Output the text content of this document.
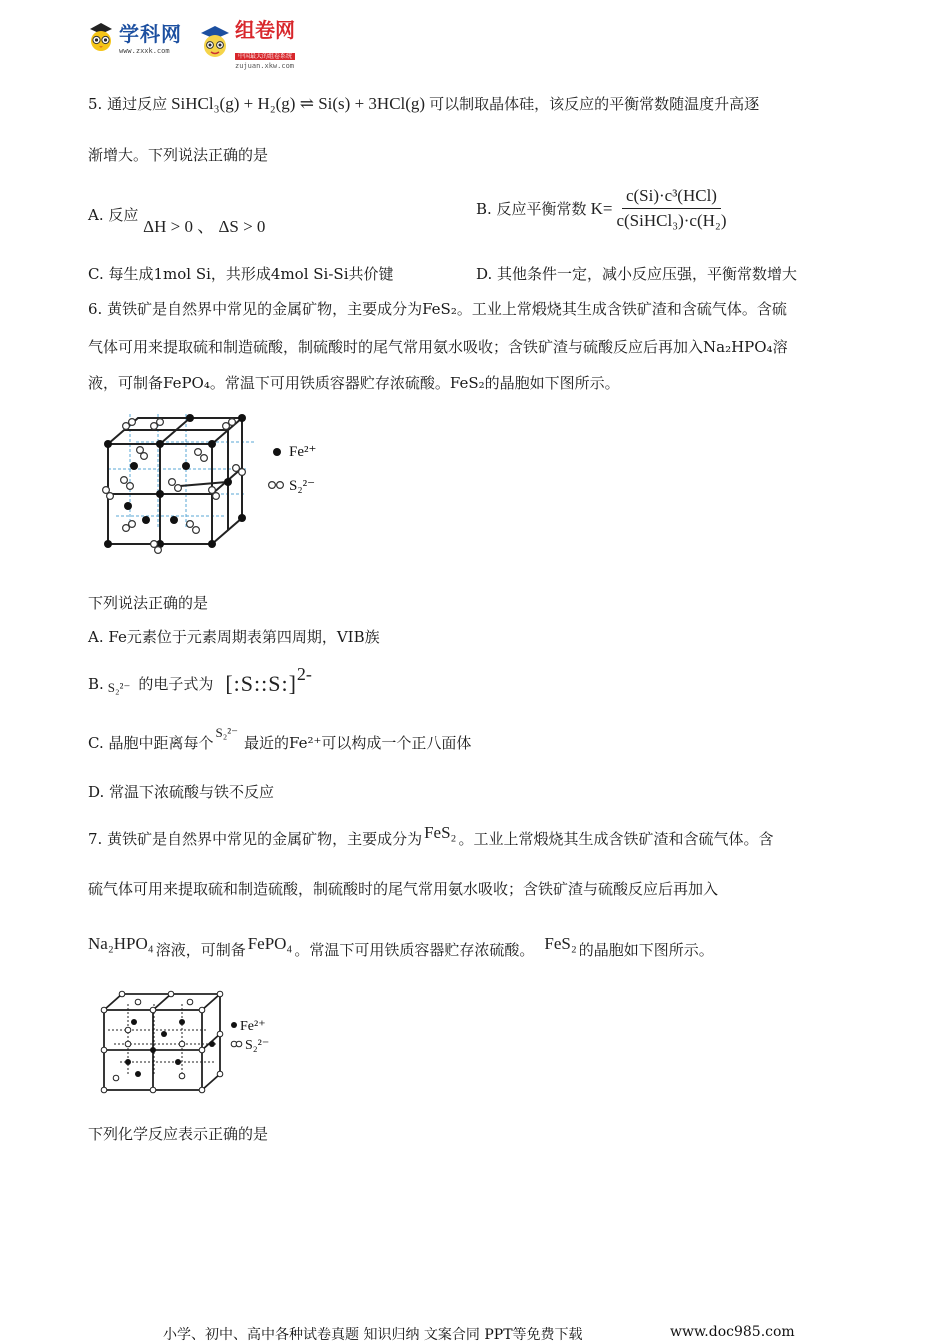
学科网
www.zxxk.com
组卷网
中国最大的组卷系统
zujuan.xkw.com
5. 通过反应 SiHCl₃(g) + H₂(g) ⇌ Si(s) + 3HCl(g) 可以制取晶体硅，该反应的平衡常数随温度升高逐
渐增大。下列说法正确的是
A. 反应 ΔH > 0 、 ΔS > 0
B. 反应平衡常数 $K= \frac{\text{c(Si)·c³(HCl)}}{\text{c(SiHCl₃)·c(H₂)}}$
C. 每生成1mol Si，共形成4mol Si-Si共价键	D. 其他条件一定，减小反应压强，平衡常数增大
6. 黄铁矿是自然界中常见的金属矿物，主要成分为FeS₂。工业上常煅烧其生成含铁矿渣和含硫气体。含硫
气体可用来提取硫和制造硫酸，制硫酸时的尾气常用氨水吸收；含铁矿渣与硫酸反应后再加入Na₂HPO₄溶
液，可制备FePO₄。常温下可用铁质容器贮存浓硫酸。FeS₂的晶胞如下图所示。
Fe²⁺
S₂²⁻
下列说法正确的是
A. Fe元素位于元素周期表第四周期，VIB族
B. S₂²⁻ 的电子式为 [:S::S:] 2-
C. 晶胞中距离每个
S₂²⁻
最近的Fe²⁺可以构成一个正八面体
D. 常温下浓硫酸与铁不反应
7. 黄铁矿是自然界中常见的金属矿物，主要成分为 FeS₂ 。工业上常煅烧其生成含铁矿渣和含硫气体。含
硫气体可用来提取硫和制造硫酸，制硫酸时的尾气常用氨水吸收；含铁矿渣与硫酸反应后再加入
Na₂HPO₄ 溶液，可制备 FePO₄ 。常温下可用铁质容器贮存浓硫酸。 FeS₂ 的晶胞如下图所示。
Fe²⁺
S₂²⁻
下列化学反应表示正确的是
小学、初中、高中各种试卷真题 知识归纳 文案合同 PPT等免费下载	www.doc985.com
